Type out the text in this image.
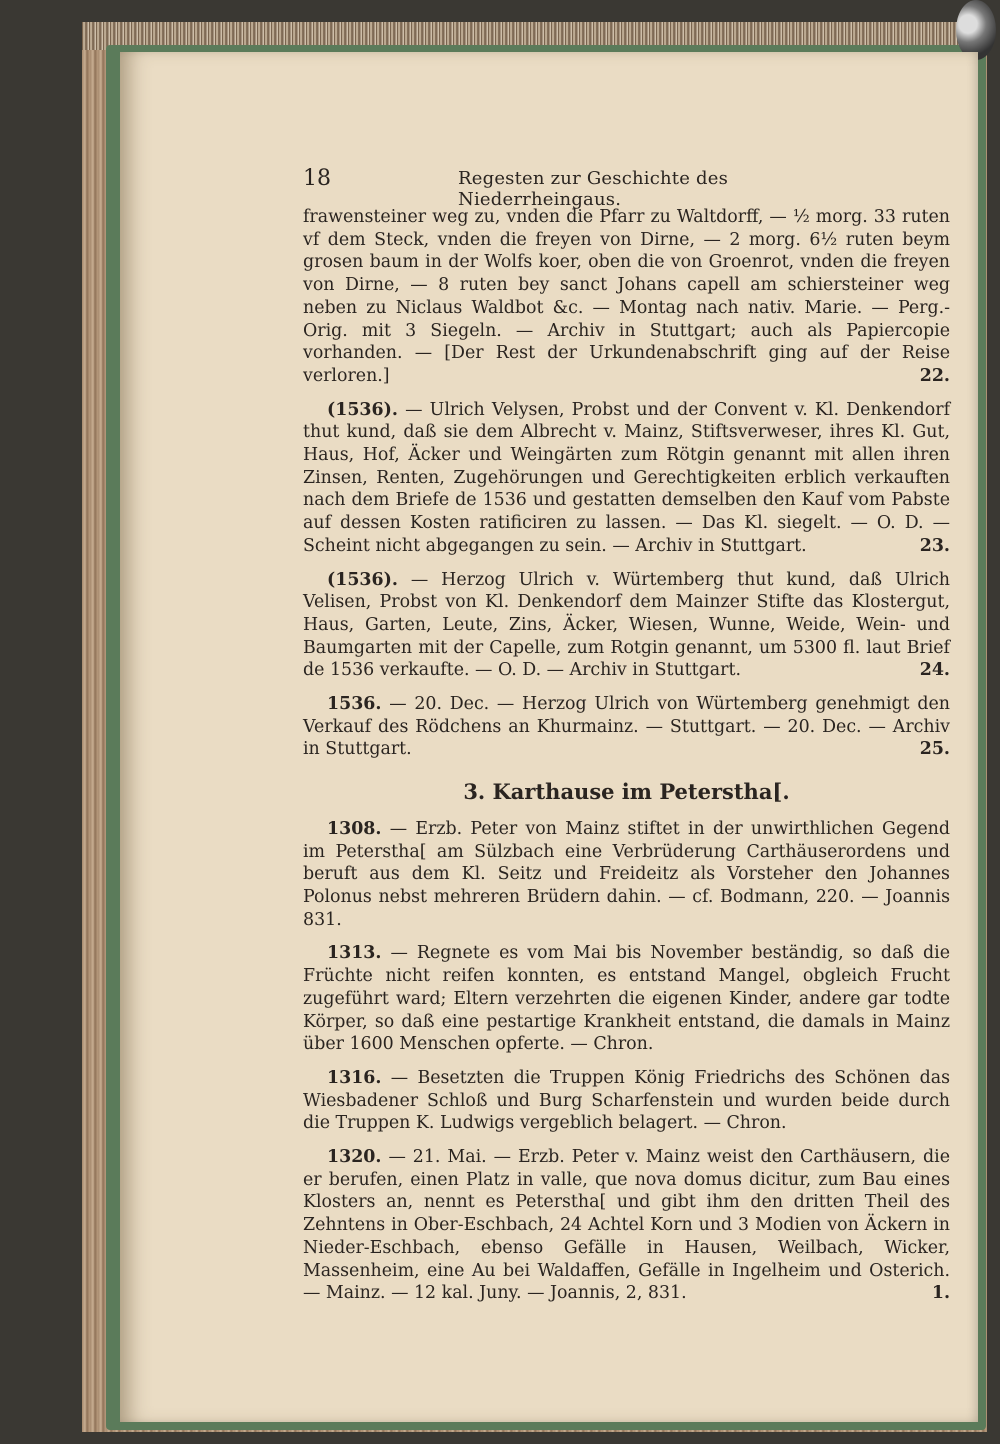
18	Regesten zur Geschichte des Niederrheingaus.

frawensteiner weg zu, vnden die Pfarr zu Waltdorff, — ½ morg. 33 ruten vf dem Steck, vnden die freyen von Dirne, — 2 morg. 6½ ruten beym grosen baum in der Wolfs koer, oben die von Groenrot, vnden die freyen von Dirne, — 8 ruten bey sanct Johans capell am schiersteiner weg neben zu Niclaus Waldbot &c. — Montag nach nativ. Marie. — Perg.-Orig. mit 3 Siegeln. — Archiv in Stuttgart; auch als Papiercopie vorhanden. — [Der Rest der Urkundenabschrift ging auf der Reise verloren.]	22.

(1536). — Ulrich Velysen, Probst und der Convent v. Kl. Denkendorf thut kund, daß sie dem Albrecht v. Mainz, Stiftsverweser, ihres Kl. Gut, Haus, Hof, Äcker und Weingärten zum Rötgin genannt mit allen ihren Zinsen, Renten, Zugehörungen und Gerechtigkeiten erblich verkauften nach dem Briefe de 1536 und gestatten demselben den Kauf vom Pabste auf dessen Kosten ratificiren zu lassen. — Das Kl. siegelt. — O. D. — Scheint nicht abgegangen zu sein. — Archiv in Stuttgart.	23.

(1536). — Herzog Ulrich v. Würtemberg thut kund, daß Ulrich Velisen, Probst von Kl. Denkendorf dem Mainzer Stifte das Klostergut, Haus, Garten, Leute, Zins, Äcker, Wiesen, Wunne, Weide, Wein- und Baumgarten mit der Capelle, zum Rotgin genannt, um 5300 fl. laut Brief de 1536 verkaufte. — O. D. — Archiv in Stuttgart.	24.

1536. — 20. Dec. — Herzog Ulrich von Würtemberg genehmigt den Verkauf des Rödchens an Khurmainz. — Stuttgart. — 20. Dec. — Archiv in Stuttgart.	25.

3. Karthause im Peterstha[.

1308. — Erzb. Peter von Mainz stiftet in der unwirthlichen Gegend im Peterstha[ am Sülzbach eine Verbrüderung Carthäuserordens und beruft aus dem Kl. Seitz und Freideitz als Vorsteher den Johannes Polonus nebst mehreren Brüdern dahin. — cf. Bodmann, 220. — Joannis 831.

1313. — Regnete es vom Mai bis November beständig, so daß die Früchte nicht reifen konnten, es entstand Mangel, obgleich Frucht zugeführt ward; Eltern verzehrten die eigenen Kinder, andere gar todte Körper, so daß eine pestartige Krankheit entstand, die damals in Mainz über 1600 Menschen opferte. — Chron.

1316. — Besetzten die Truppen König Friedrichs des Schönen das Wiesbadener Schloß und Burg Scharfenstein und wurden beide durch die Truppen K. Ludwigs vergeblich belagert. — Chron.

1320. — 21. Mai. — Erzb. Peter v. Mainz weist den Carthäusern, die er berufen, einen Platz in valle, que nova domus dicitur, zum Bau eines Klosters an, nennt es Peterstha[ und gibt ihm den dritten Theil des Zehntens in Ober-Eschbach, 24 Achtel Korn und 3 Modien von Äckern in Nieder-Eschbach, ebenso Gefälle in Hausen, Weilbach, Wicker, Massenheim, eine Au bei Waldaffen, Gefälle in Ingelheim und Osterich. — Mainz. — 12 kal. Juny. — Joannis, 2, 831.	1.
